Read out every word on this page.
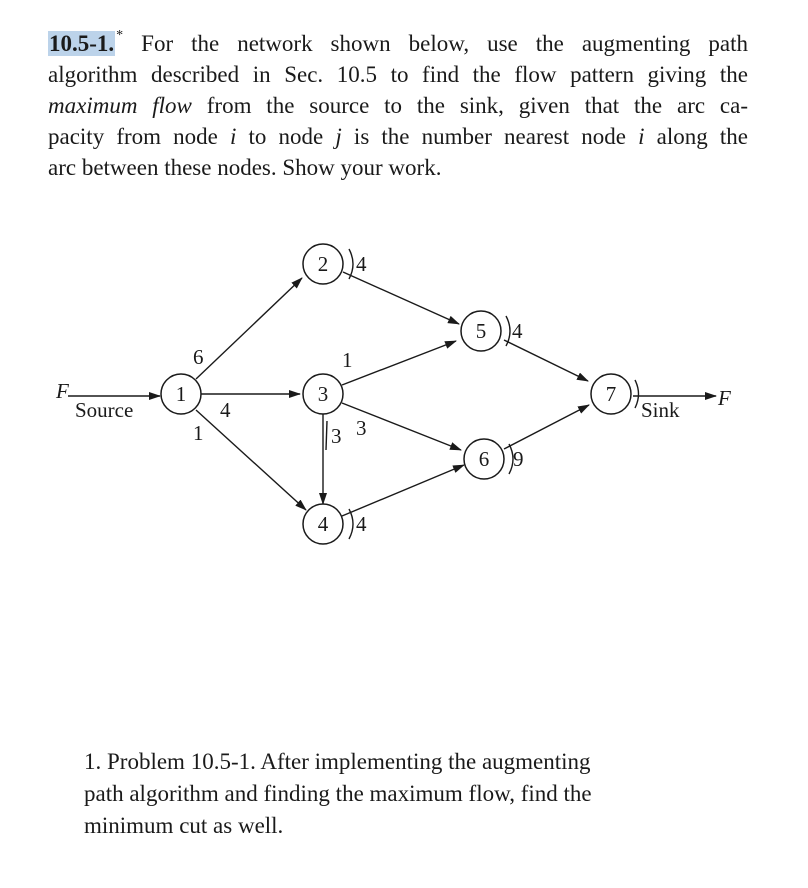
10.5-1. * For the network shown below, use the augmenting path
algorithm described in Sec. 10.5 to find the flow pattern giving the
maximum flow from the source to the sink, given that the arc ca-
pacity from node i to node j is the number nearest node i along the
arc between these nodes. Show your work.
1
2
3
4
5
6
7
F
Source	Sink F
6
4
1
4
1
3 3
4
4
9
1. Problem 10.5-1. After implementing the augmenting
path algorithm and finding the maximum flow, find the
minimum cut as well.
